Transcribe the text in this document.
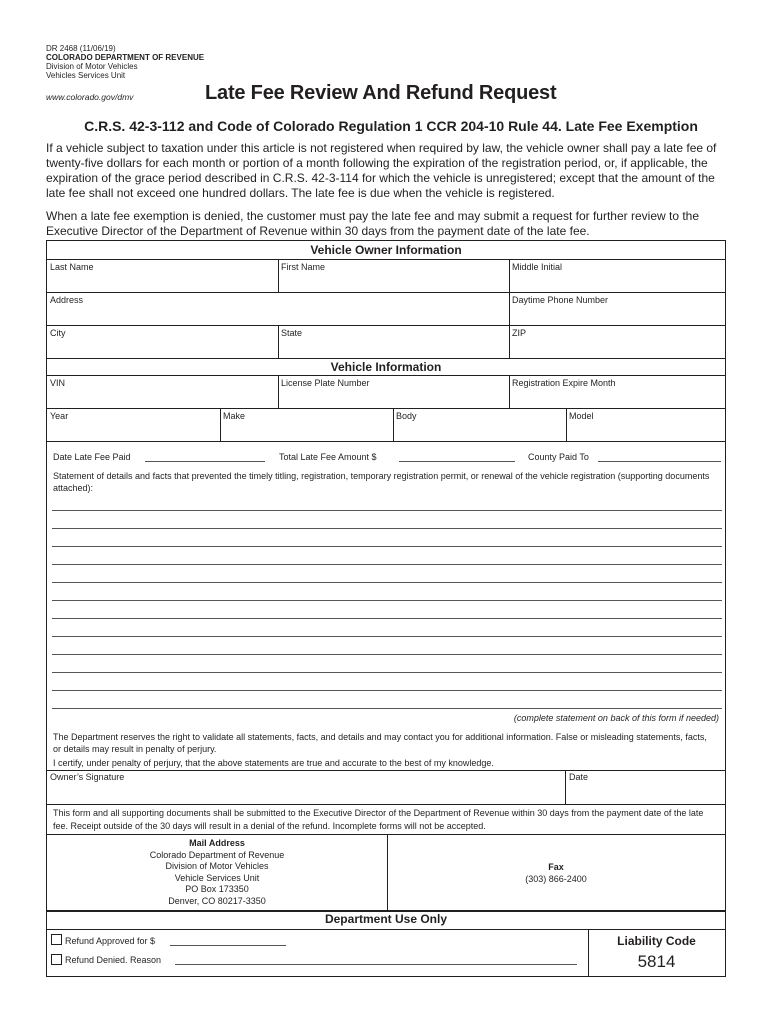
DR 2468 (11/06/19)
COLORADO DEPARTMENT OF REVENUE
Division of Motor Vehicles
Vehicles Services Unit
www.colorado.gov/dmv	Late Fee Review And Refund Request
C.R.S. 42-3-112 and Code of Colorado Regulation 1 CCR 204-10 Rule 44. Late Fee Exemption
If a vehicle subject to taxation under this article is not registered when required by law, the vehicle owner shall pay a late fee of twenty-five dollars for each month or portion of a month following the expiration of the registration period, or, if applicable, the expiration of the grace period described in C.R.S. 42-3-114 for which the vehicle is unregistered; except that the amount of the late fee shall not exceed one hundred dollars. The late fee is due when the vehicle is registered.
When a late fee exemption is denied, the customer must pay the late fee and may submit a request for further review to the Executive Director of the Department of Revenue within 30 days from the payment date of the late fee.
Vehicle Owner Information
Last Name	First Name	Middle Initial
Address	Daytime Phone Number
City	State	ZIP
Vehicle Information
VIN	License Plate Number	Registration Expire Month
Year	Make	Body	Model
Date Late Fee Paid	Total Late Fee Amount $	County Paid To
Statement of details and facts that prevented the timely titling, registration, temporary registration permit, or renewal of the vehicle registration (supporting documents attached):
(complete statement on back of this form if needed)
The Department reserves the right to validate all statements, facts, and details and may contact you for additional information. False or misleading statements, facts, or details may result in penalty of perjury.
I certify, under penalty of perjury, that the above statements are true and accurate to the best of my knowledge.
Owner’s Signature	Date
This form and all supporting documents shall be submitted to the Executive Director of the Department of Revenue within 30 days from the payment date of the late fee. Receipt outside of the 30 days will result in a denial of the refund. Incomplete forms will not be accepted.
Mail Address
Colorado Department of Revenue
Division of Motor Vehicles
Vehicle Services Unit
PO Box 173350
Denver, CO 80217-3350
Fax
(303) 866-2400
Department Use Only
Refund Approved for $
Refund Denied. Reason
Liability Code
5814
